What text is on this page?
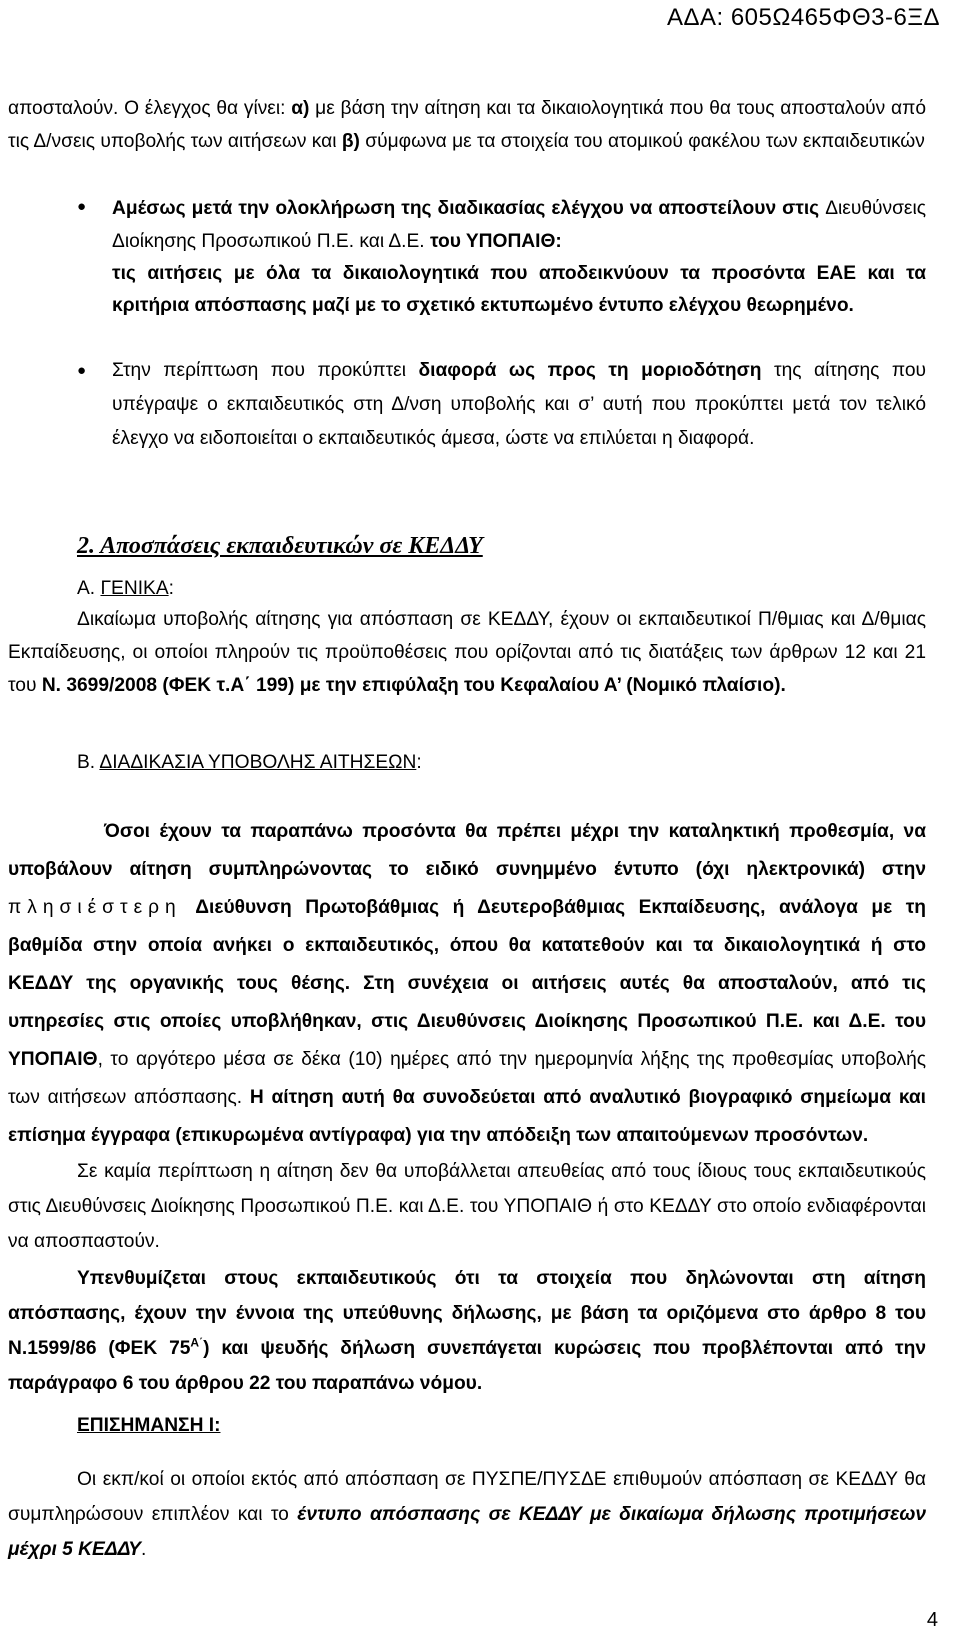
ΑΔΑ: 605Ω465ΦΘ3-6ΞΔ
αποσταλούν. Ο έλεγχος θα γίνει: α) με βάση την αίτηση και τα δικαιολογητικά που θα τους αποσταλούν από τις Δ/νσεις υποβολής των αιτήσεων και β) σύμφωνα με τα στοιχεία του ατομικού φακέλου των εκπαιδευτικών
● Αμέσως μετά την ολοκλήρωση της διαδικασίας ελέγχου να αποστείλουν στις Διευθύνσεις Διοίκησης Προσωπικού Π.Ε. και Δ.Ε. του ΥΠΟΠΑΙΘ:
τις αιτήσεις με όλα τα δικαιολογητικά που αποδεικνύουν τα προσόντα ΕΑΕ και τα κριτήρια απόσπασης μαζί με το σχετικό εκτυπωμένο έντυπο ελέγχου θεωρημένο.
● Στην περίπτωση που προκύπτει διαφορά ως προς τη μοριοδότηση της αίτησης που υπέγραψε ο εκπαιδευτικός στη Δ/νση υποβολής και σ’ αυτή που προκύπτει μετά τον τελικό έλεγχο να ειδοποιείται ο εκπαιδευτικός άμεσα, ώστε να επιλύεται η διαφορά.
2. Αποσπάσεις εκπαιδευτικών σε ΚΕΔΔΥ
Α. ΓΕΝΙΚΑ:
Δικαίωμα υποβολής αίτησης για απόσπαση σε ΚΕΔΔΥ, έχουν οι εκπαιδευτικοί Π/θμιας και Δ/θμιας Εκπαίδευσης, οι οποίοι πληρούν τις προϋποθέσεις που ορίζονται από τις διατάξεις των άρθρων 12 και 21 του Ν. 3699/2008 (ΦΕΚ τ.Α΄ 199) με την επιφύλαξη του Κεφαλαίου Α’ (Νομικό πλαίσιο).
Β. ΔΙΑΔΙΚΑΣΙΑ ΥΠΟΒΟΛΗΣ ΑΙΤΗΣΕΩΝ:
Όσοι έχουν τα παραπάνω προσόντα θα πρέπει μέχρι την καταληκτική προθεσμία, να υποβάλουν αίτηση συμπληρώνοντας το ειδικό συνημμένο έντυπο (όχι ηλεκτρονικά) στην πλησιέστερη Διεύθυνση Πρωτοβάθμιας ή Δευτεροβάθμιας Εκπαίδευσης, ανάλογα με τη βαθμίδα στην οποία ανήκει ο εκπαιδευτικός, όπου θα κατατεθούν και τα δικαιολογητικά ή στο ΚΕΔΔΥ της οργανικής τους θέσης. Στη συνέχεια οι αιτήσεις αυτές θα αποσταλούν, από τις υπηρεσίες στις οποίες υποβλήθηκαν, στις Διευθύνσεις Διοίκησης Προσωπικού Π.Ε. και Δ.Ε. του ΥΠΟΠΑΙΘ, το αργότερο μέσα σε δέκα (10) ημέρες από την ημερομηνία λήξης της προθεσμίας υποβολής των αιτήσεων απόσπασης. Η αίτηση αυτή θα συνοδεύεται από αναλυτικό βιογραφικό σημείωμα και επίσημα έγγραφα (επικυρωμένα αντίγραφα) για την απόδειξη των απαιτούμενων προσόντων.
Σε καμία περίπτωση η αίτηση δεν θα υποβάλλεται απευθείας από τους ίδιους τους εκπαιδευτικούς στις Διευθύνσεις Διοίκησης Προσωπικού Π.Ε. και Δ.Ε. του ΥΠΟΠΑΙΘ ή στο ΚΕΔΔΥ στο οποίο ενδιαφέρονται να αποσπαστούν.
Υπενθυμίζεται στους εκπαιδευτικούς ότι τα στοιχεία που δηλώνονται στη αίτηση απόσπασης, έχουν την έννοια της υπεύθυνης δήλωσης, με βάση τα οριζόμενα στο άρθρο 8 του Ν.1599/86 (ΦΕΚ $75^{A΄}$) και ψευδής δήλωση συνεπάγεται κυρώσεις που προβλέπονται από την παράγραφο 6 του άρθρου 22 του παραπάνω νόμου.
ΕΠΙΣΗΜΑΝΣΗ Ι:
Οι εκπ/κοί οι οποίοι εκτός από απόσπαση σε ΠΥΣΠΕ/ΠΥΣΔΕ επιθυμούν απόσπαση σε ΚΕΔΔΥ θα συμπληρώσουν επιπλέον και το έντυπο απόσπασης σε ΚΕΔΔΥ με δικαίωμα δήλωσης προτιμήσεων μέχρι 5 ΚΕΔΔΥ.
4
